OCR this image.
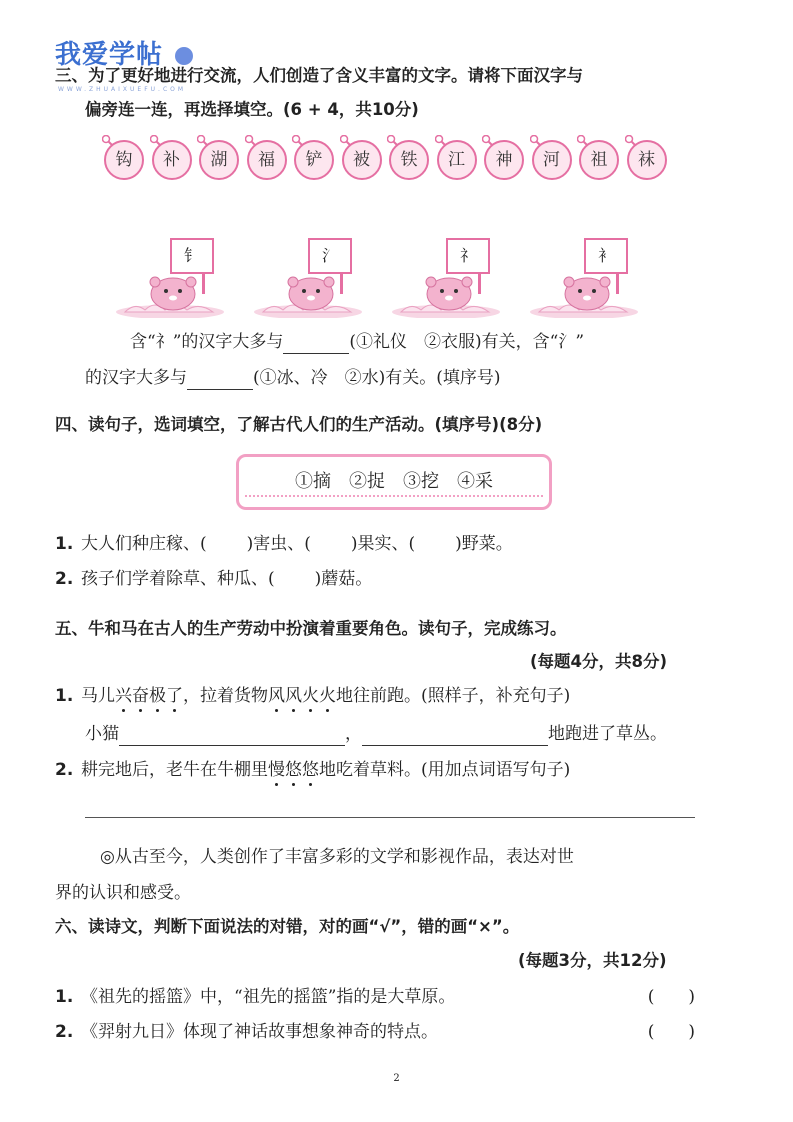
我爱学帖
WWW.ZHUAIXUEFU.COM
三、为了更好地进行交流，人们创造了含义丰富的文字。请将下面汉字与
偏旁连一连，再选择填空。(6 + 4，共10分)
钩	补	湖	福	铲	被	铁	江	神	河	祖	袜
钅	氵	礻	衤
含“礻”的汉字大多与	(①礼仪　②衣服)有关，含“氵”
的汉字大多与	(①冰、冷　②水)有关。(填序号)
四、读句子，选词填空，了解古代人们的生产活动。(填序号)(8分)
①摘　 ②捉　 ③挖　 ④采
1. 大人们种庄稼、( )害虫、( )果实、( )野菜。
2. 孩子们学着除草、种瓜、( )蘑菇。
五、牛和马在古人的生产劳动中扮演着重要角色。读句子，完成练习。
(每题4分，共8分)
1. 马儿兴奋极了
，拉着货物风风火火
地往前跑。(照样子，补充句子)
小猫	，	地跑进了草丛。
2. 耕完地后，老牛在牛棚里慢悠悠
地吃着草料。(用加点词语写句子)
◎从古至今，人类创作了丰富多彩的文学和影视作品，表达对世
界的认识和感受。
六、读诗文，判断下面说法的对错，对的画“√”，错的画“×”。
(每题3分，共12分)
1. 《祖先的摇篮》中，“祖先的摇篮”指的是大草原。	(　　)
2. 《羿射九日》体现了神话故事想象神奇的特点。	(　　)
2
